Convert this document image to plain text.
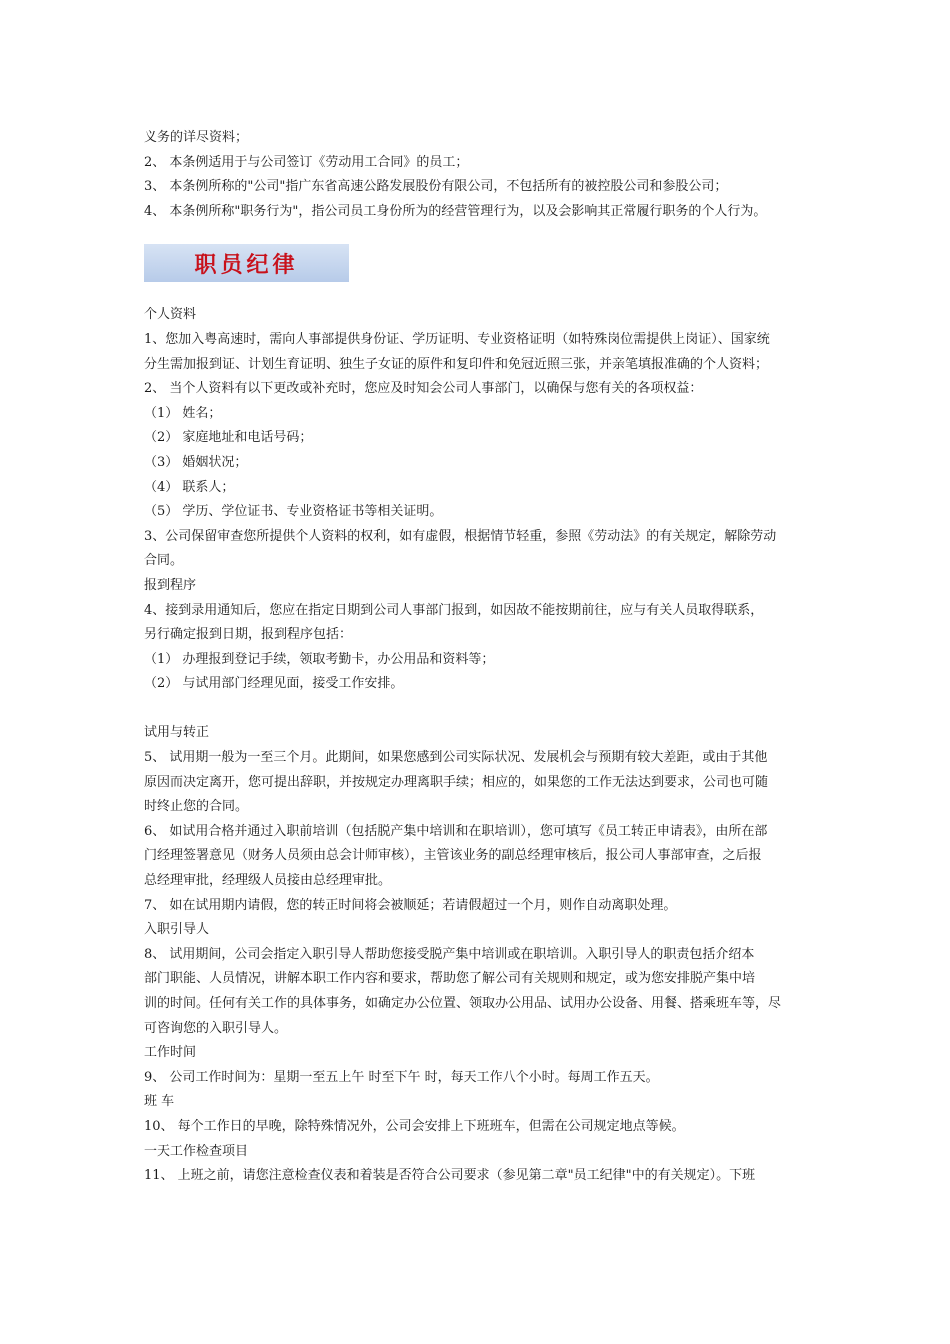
义务的详尽资料；
2、 本条例适用于与公司签订《劳动用工合同》的员工；
3、 本条例所称的"公司"指广东省高速公路发展股份有限公司，不包括所有的被控股公司和参股公司；
4、 本条例所称"职务行为"，指公司员工身份所为的经营管理行为，以及会影响其正常履行职务的个人行为。
职员纪律
个人资料
1、您加入粤高速时，需向人事部提供身份证、学历证明、专业资格证明（如特殊岗位需提供上岗证）、国家统
分生需加报到证、计划生育证明、独生子女证的原件和复印件和免冠近照三张，并亲笔填报准确的个人资料；
2、 当个人资料有以下更改或补充时，您应及时知会公司人事部门，以确保与您有关的各项权益：
（1） 姓名；
（2） 家庭地址和电话号码；
（3） 婚姻状况；
（4） 联系人；
（5） 学历、学位证书、专业资格证书等相关证明。
3、公司保留审查您所提供个人资料的权利，如有虚假，根据情节轻重，参照《劳动法》的有关规定，解除劳动
合同。
报到程序
4、接到录用通知后，您应在指定日期到公司人事部门报到，如因故不能按期前往，应与有关人员取得联系，
另行确定报到日期，报到程序包括：
（1） 办理报到登记手续，领取考勤卡，办公用品和资料等；
（2） 与试用部门经理见面，接受工作安排。
试用与转正
5、 试用期一般为一至三个月。此期间，如果您感到公司实际状况、发展机会与预期有较大差距，或由于其他
原因而决定离开，您可提出辞职，并按规定办理离职手续；相应的，如果您的工作无法达到要求，公司也可随
时终止您的合同。
6、 如试用合格并通过入职前培训（包括脱产集中培训和在职培训），您可填写《员工转正申请表》，由所在部
门经理签署意见（财务人员须由总会计师审核），主管该业务的副总经理审核后，报公司人事部审查，之后报
总经理审批，经理级人员接由总经理审批。
7、 如在试用期内请假，您的转正时间将会被顺延；若请假超过一个月，则作自动离职处理。
入职引导人
8、 试用期间，公司会指定入职引导人帮助您接受脱产集中培训或在职培训。入职引导人的职责包括介绍本
部门职能、人员情况，讲解本职工作内容和要求，帮助您了解公司有关规则和规定，或为您安排脱产集中培
训的时间。任何有关工作的具体事务，如确定办公位置、领取办公用品、试用办公设备、用餐、搭乘班车等，尽
可咨询您的入职引导人。
工作时间
9、 公司工作时间为：星期一至五上午 时至下午 时，每天工作八个小时。每周工作五天。
班 车
10、 每个工作日的早晚，除特殊情况外，公司会安排上下班班车，但需在公司规定地点等候。
一天工作检查项目
11、 上班之前，请您注意检查仪表和着装是否符合公司要求（参见第二章"员工纪律"中的有关规定）。下班
